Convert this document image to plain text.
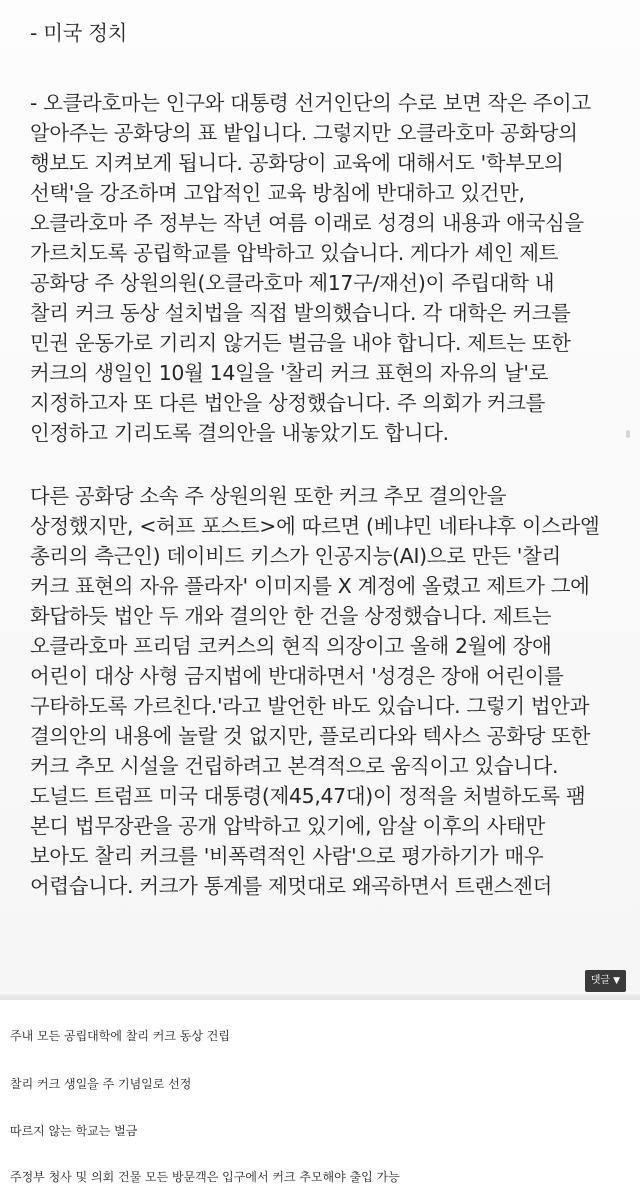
- 미국 정치

- 오클라호마는 인구와 대통령 선거인단의 수로 보면 작은 주이고
알아주는 공화당의 표 밭입니다. 그렇지만 오클라호마 공화당의
행보도 지켜보게 됩니다. 공화당이 교육에 대해서도 '학부모의
선택'을 강조하며 고압적인 교육 방침에 반대하고 있건만,
오클라호마 주 정부는 작년 여름 이래로 성경의 내용과 애국심을
가르치도록 공립학교를 압박하고 있습니다. 게다가 셰인 제트
공화당 주 상원의원(오클라호마 제17구/재선)이 주립대학 내
찰리 커크 동상 설치법을 직접 발의했습니다. 각 대학은 커크를
민권 운동가로 기리지 않거든 벌금을 내야 합니다. 제트는 또한
커크의 생일인 10월 14일을 '찰리 커크 표현의 자유의 날'로
지정하고자 또 다른 법안을 상정했습니다. 주 의회가 커크를
인정하고 기리도록 결의안을 내놓았기도 합니다.

다른 공화당 소속 주 상원의원 또한 커크 추모 결의안을
상정했지만, <허프 포스트>에 따르면 (베냐민 네타냐후 이스라엘
총리의 측근인) 데이비드 키스가 인공지능(AI)으로 만든 '찰리
커크 표현의 자유 플라자' 이미지를 X 계정에 올렸고 제트가 그에
화답하듯 법안 두 개와 결의안 한 건을 상정했습니다. 제트는
오클라호마 프리덤 코커스의 현직 의장이고 올해 2월에 장애
어린이 대상 사형 금지법에 반대하면서 '성경은 장애 어린이를
구타하도록 가르친다.'라고 발언한 바도 있습니다. 그렇기 법안과
결의안의 내용에 놀랄 것 없지만, 플로리다와 텍사스 공화당 또한
커크 추모 시설을 건립하려고 본격적으로 움직이고 있습니다.
도널드 트럼프 미국 대통령(제45,47대)이 정적을 처벌하도록 팸
본디 법무장관을 공개 압박하고 있기에, 암살 이후의 사태만
보아도 찰리 커크를 '비폭력적인 사람'으로 평가하기가 매우
어렵습니다. 커크가 통계를 제멋대로 왜곡하면서 트랜스젠더

댓글 ▼
주내 모든 공립대학에 찰리 커크 동상 건립
찰리 커크 생일을 주 기념일로 선정
따르지 않는 학교는 벌금
주정부 청사 및 의회 건물 모든 방문객은 입구에서 커크 추모해야 출입 가능
